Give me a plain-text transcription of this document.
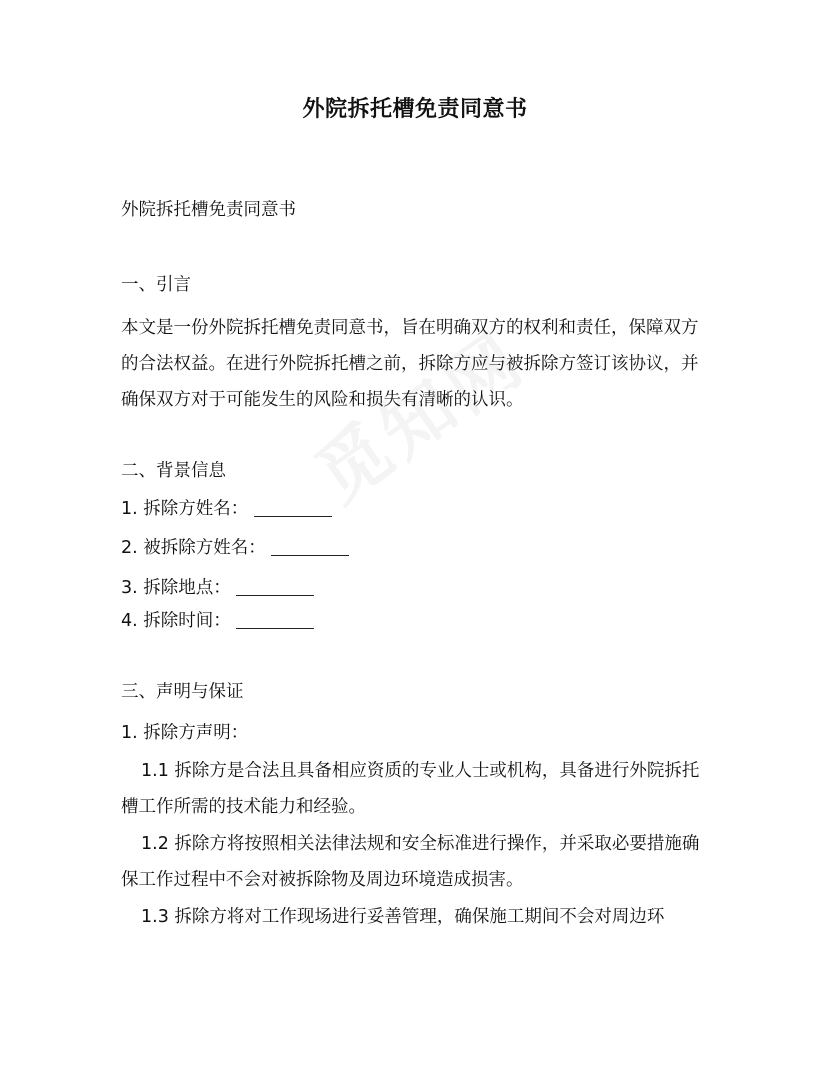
外院拆托槽免责同意书
外院拆托槽免责同意书
一、引言
本文是一份外院拆托槽免责同意书，旨在明确双方的权利和责任，保障双方的合法权益。在进行外院拆托槽之前，拆除方应与被拆除方签订该协议，并确保双方对于可能发生的风险和损失有清晰的认识。
二、背景信息
1. 拆除方姓名：
2. 被拆除方姓名：
3. 拆除地点：
4. 拆除时间：
三、声明与保证
1. 拆除方声明：
1.1 拆除方是合法且具备相应资质的专业人士或机构，具备进行外院拆托槽工作所需的技术能力和经验。
1.2 拆除方将按照相关法律法规和安全标准进行操作，并采取必要措施确保工作过程中不会对被拆除物及周边环境造成损害。
1.3 拆除方将对工作现场进行妥善管理，确保施工期间不会对周边环
